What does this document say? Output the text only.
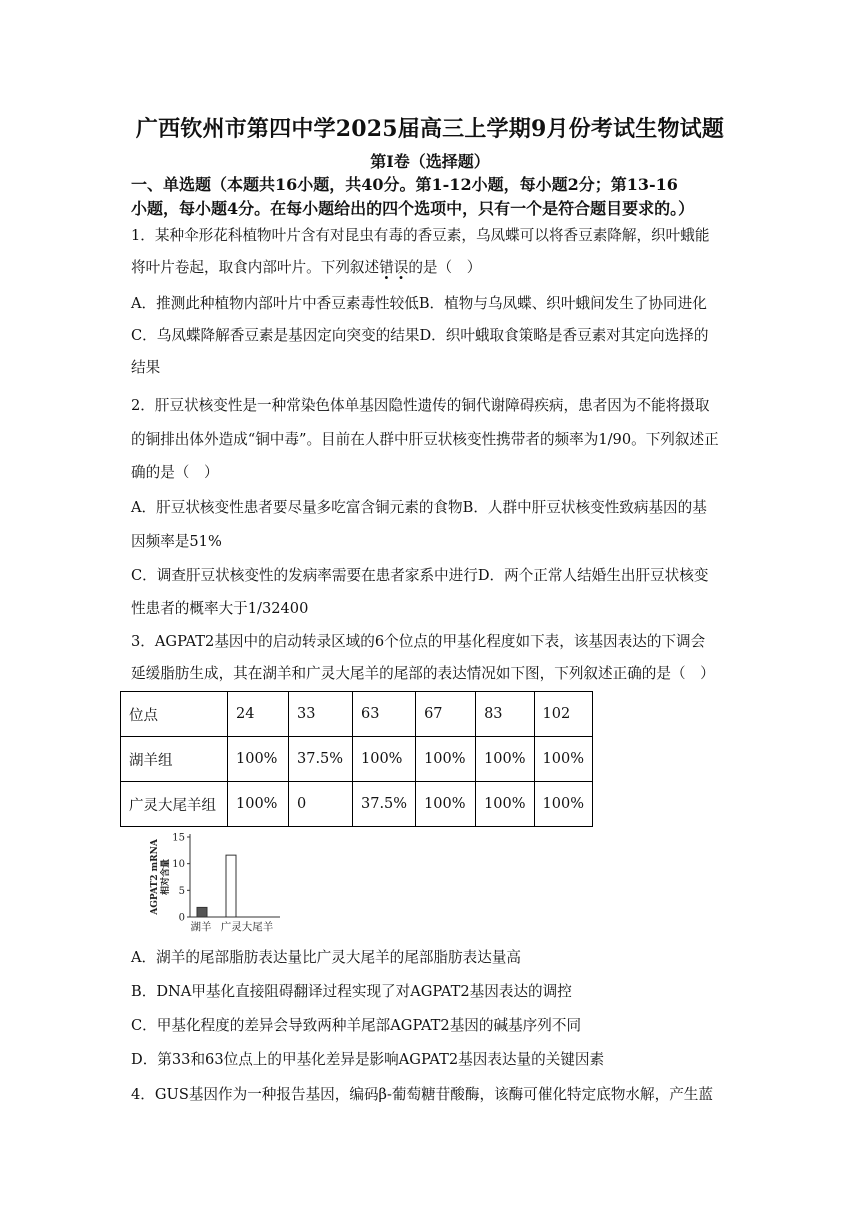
广西钦州市第四中学2025届高三上学期9月份考试生物试题
第Ⅰ卷（选择题）
一、单选题（本题共16小题，共40分。第1-12小题，每小题2分；第13-16
小题，每小题4分。在每小题给出的四个选项中，只有一个是符合题目要求的。）
1．某种伞形花科植物叶片含有对昆虫有毒的香豆素，乌凤蝶可以将香豆素降解，织叶蛾能
将叶片卷起，取食内部叶片。下列叙述错误的是（　）
A．推测此种植物内部叶片中香豆素毒性较低B．植物与乌凤蝶、织叶蛾间发生了协同进化
C．乌凤蝶降解香豆素是基因定向突变的结果D．织叶蛾取食策略是香豆素对其定向选择的
结果
2．肝豆状核变性是一种常染色体单基因隐性遗传的铜代谢障碍疾病，患者因为不能将摄取
的铜排出体外造成“铜中毒”。目前在人群中肝豆状核变性携带者的频率为1/90。下列叙述正
确的是（　）
A．肝豆状核变性患者要尽量多吃富含铜元素的食物B．人群中肝豆状核变性致病基因的基
因频率是51%
C．调查肝豆状核变性的发病率需要在患者家系中进行D．两个正常人结婚生出肝豆状核变
性患者的概率大于1/32400
3．AGPAT2基因中的启动转录区域的6个位点的甲基化程度如下表，该基因表达的下调会
延缓脂肪生成，其在湖羊和广灵大尾羊的尾部的表达情况如下图，下列叙述正确的是（　）
位点	24	33	63	67	83	102
湖羊组	100%	37.5%	100%	100%	100%	100%
广灵大尾羊组	100%	0	37.5%	100%	100%	100%
AGPAT2 mRNA 相对含量
0
5
10
15
湖羊 广灵大尾羊
A．湖羊的尾部脂肪表达量比广灵大尾羊的尾部脂肪表达量高
B．DNA甲基化直接阻碍翻译过程实现了对AGPAT2基因表达的调控
C．甲基化程度的差异会导致两种羊尾部AGPAT2基因的碱基序列不同
D．第33和63位点上的甲基化差异是影响AGPAT2基因表达量的关键因素
4．GUS基因作为一种报告基因，编码β-葡萄糖苷酸酶，该酶可催化特定底物水解，产生蓝
